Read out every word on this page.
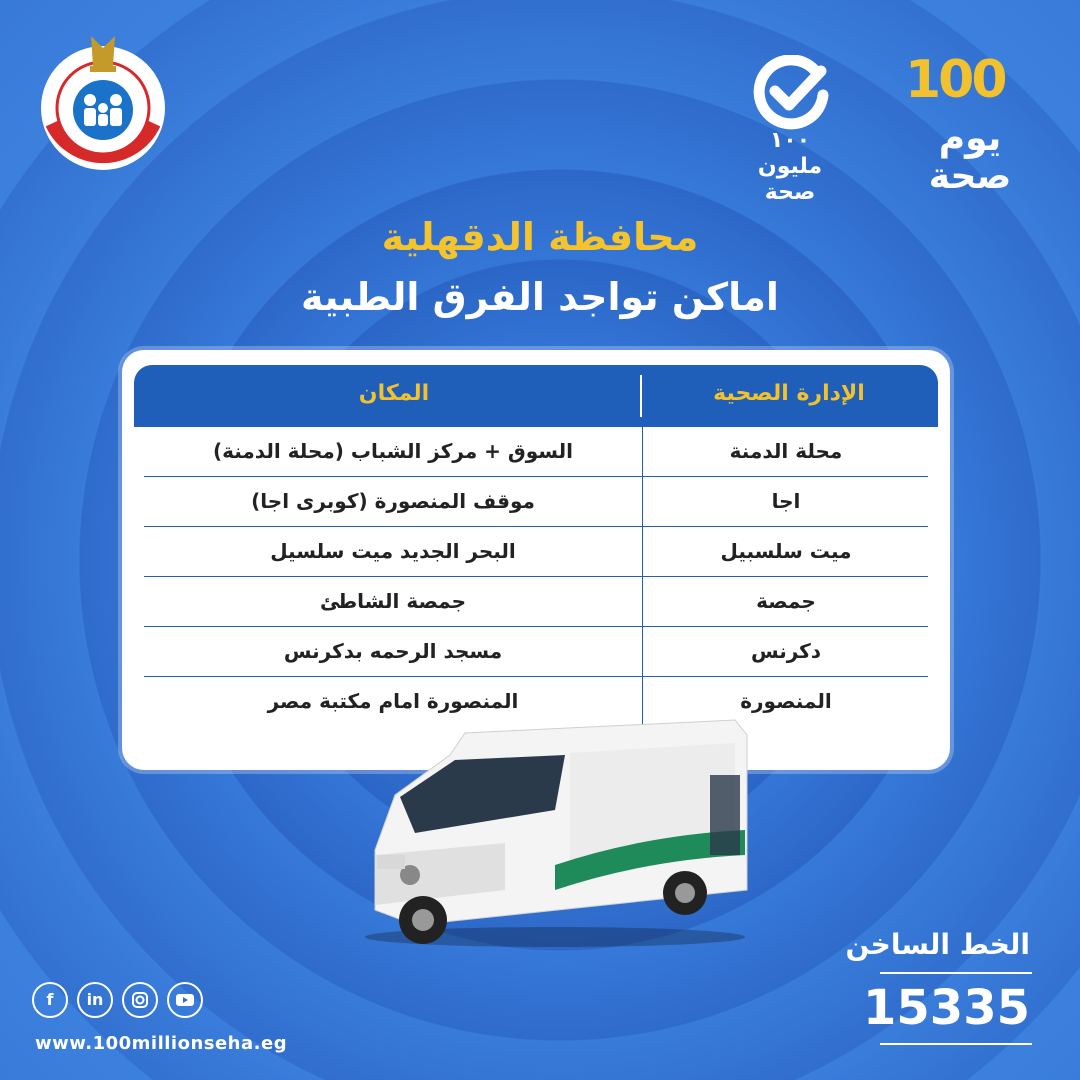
١٠٠ مليون صحة
100
يوم صحة
محافظة الدقهلية
اماكن تواجد الفرق الطبية
المكان	الإدارة الصحية
السوق + مركز الشباب (محلة الدمنة)	محلة الدمنة
موقف المنصورة (كوبرى اجا)	اجا
البحر الجديد ميت سلسيل	ميت سلسبيل
جمصة الشاطئ	جمصة
مسجد الرحمه بدكرنس	دكرنس
المنصورة امام مكتبة مصر	المنصورة
f	in
www.100millionseha.eg
الخط الساخن
15335
